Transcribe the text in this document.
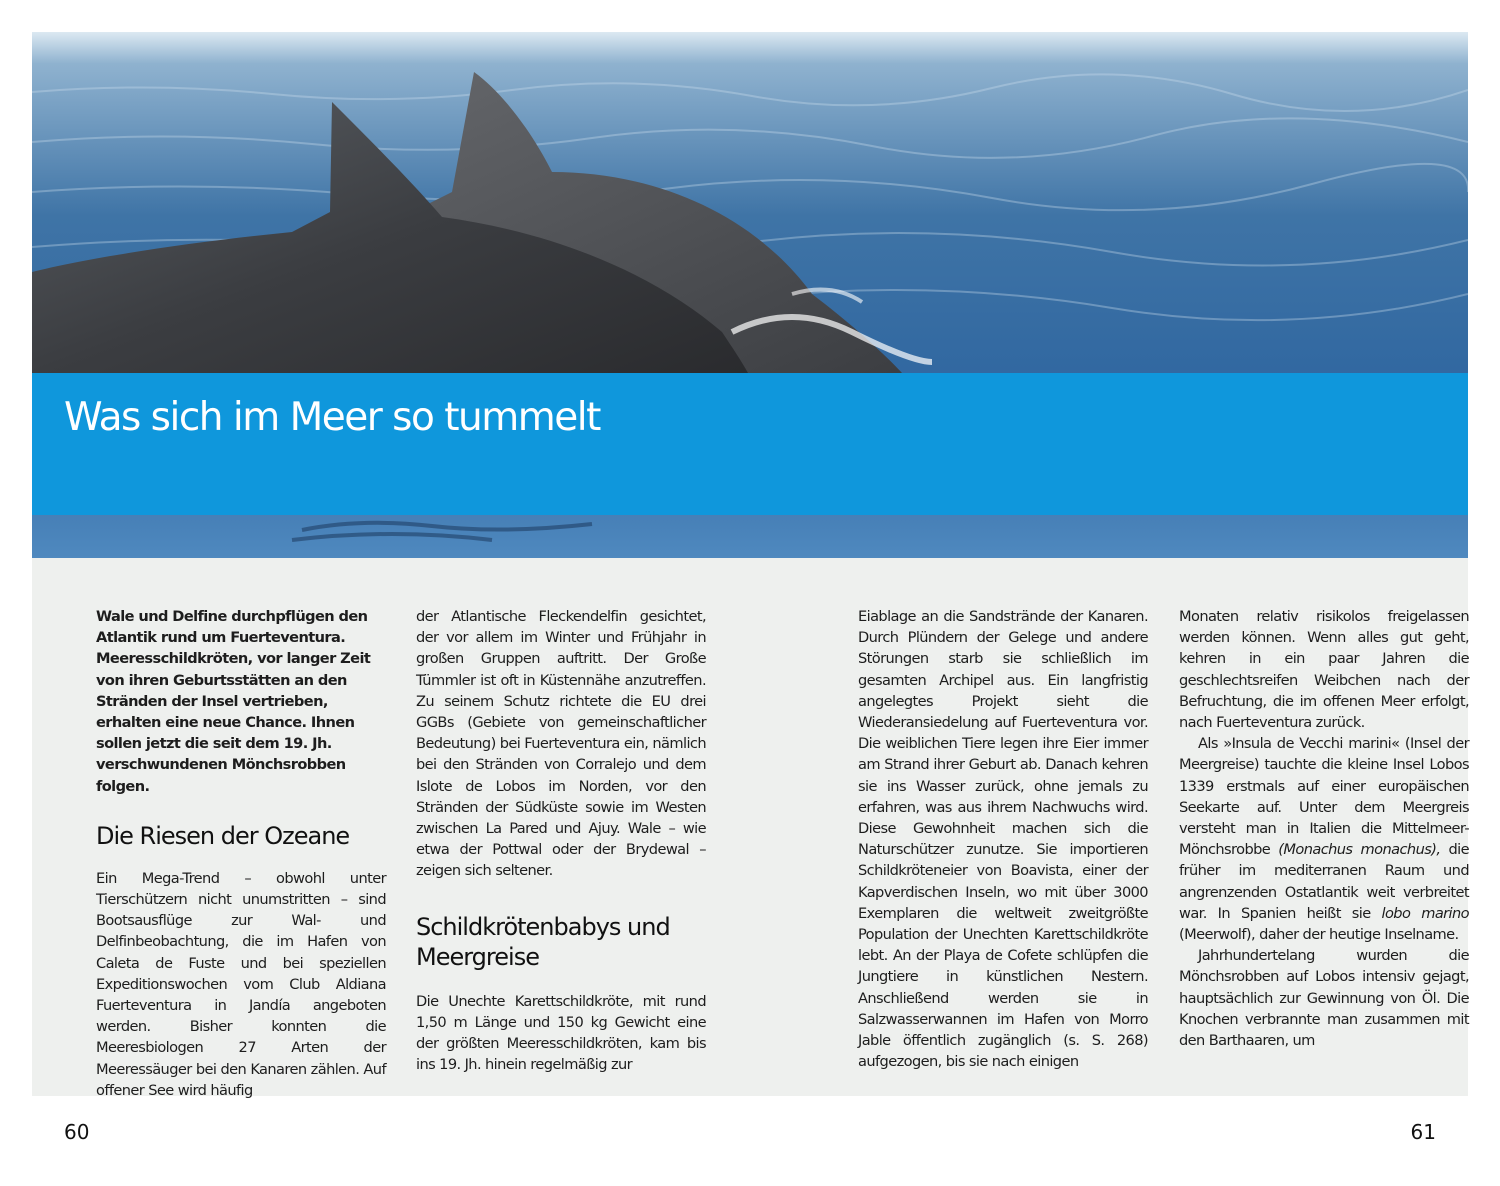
Was sich im Meer so tummelt

Wale und Delfine durchpflügen den Atlantik rund um Fuerteventura. Meeresschildkröten, vor langer Zeit von ihren Geburtsstätten an den Stränden der Insel vertrieben, erhalten eine neue Chance. Ihnen sollen jetzt die seit dem 19. Jh. verschwundenen Mönchsrobben folgen.

Die Riesen der Ozeane

Ein Mega-Trend – obwohl unter Tierschützern nicht unumstritten – sind Bootsausflüge zur Wal- und Delfinbeobachtung, die im Hafen von Caleta de Fuste und bei speziellen Expeditionswochen vom Club Aldiana Fuerteventura in Jandía angeboten werden. Bisher konnten die Meeresbiologen 27 Arten der Meeressäuger bei den Kanaren zählen. Auf offener See wird häufig

der Atlantische Fleckendelfin gesichtet, der vor allem im Winter und Frühjahr in großen Gruppen auftritt. Der Große Tümmler ist oft in Küstennähe anzutreffen. Zu seinem Schutz richtete die EU drei GGBs (Gebiete von gemeinschaftlicher Bedeutung) bei Fuerteventura ein, nämlich bei den Stränden von Corralejo und dem Islote de Lobos im Norden, vor den Stränden der Südküste sowie im Westen zwischen La Pared und Ajuy. Wale – wie etwa der Pottwal oder der Brydewal – zeigen sich seltener.

Schildkrötenbabys und Meergreise

Die Unechte Karettschildkröte, mit rund 1,50 m Länge und 150 kg Gewicht eine der größten Meeresschildkröten, kam bis ins 19. Jh. hinein regelmäßig zur

Eiablage an die Sandstrände der Kanaren. Durch Plündern der Gelege und andere Störungen starb sie schließlich im gesamten Archipel aus. Ein langfristig angelegtes Projekt sieht die Wiederansiedelung auf Fuerteventura vor. Die weiblichen Tiere legen ihre Eier immer am Strand ihrer Geburt ab. Danach kehren sie ins Wasser zurück, ohne jemals zu erfahren, was aus ihrem Nachwuchs wird. Diese Gewohnheit machen sich die Naturschützer zunutze. Sie importieren Schildkröteneier von Boavista, einer der Kapverdischen Inseln, wo mit über 3000 Exemplaren die weltweit zweitgrößte Population der Unechten Karettschildkröte lebt. An der Playa de Cofete schlüpfen die Jungtiere in künstlichen Nestern. Anschließend werden sie in Salzwasserwannen im Hafen von Morro Jable öffentlich zugänglich (s. S. 268) aufgezogen, bis sie nach einigen

Monaten relativ risikolos freigelassen werden können. Wenn alles gut geht, kehren in ein paar Jahren die geschlechtsreifen Weibchen nach der Befruchtung, die im offenen Meer erfolgt, nach Fuerteventura zurück.

Als »Insula de Vecchi marini« (Insel der Meergreise) tauchte die kleine Insel Lobos 1339 erstmals auf einer europäischen Seekarte auf. Unter dem Meergreis versteht man in Italien die Mittelmeer-Mönchsrobbe (Monachus monachus), die früher im mediterranen Raum und angrenzenden Ostatlantik weit verbreitet war. In Spanien heißt sie lobo marino (Meerwolf), daher der heutige Inselname.

Jahrhundertelang wurden die Mönchsrobben auf Lobos intensiv gejagt, hauptsächlich zur Gewinnung von Öl. Die Knochen verbrannte man zusammen mit den Barthaaren, um

60	61
